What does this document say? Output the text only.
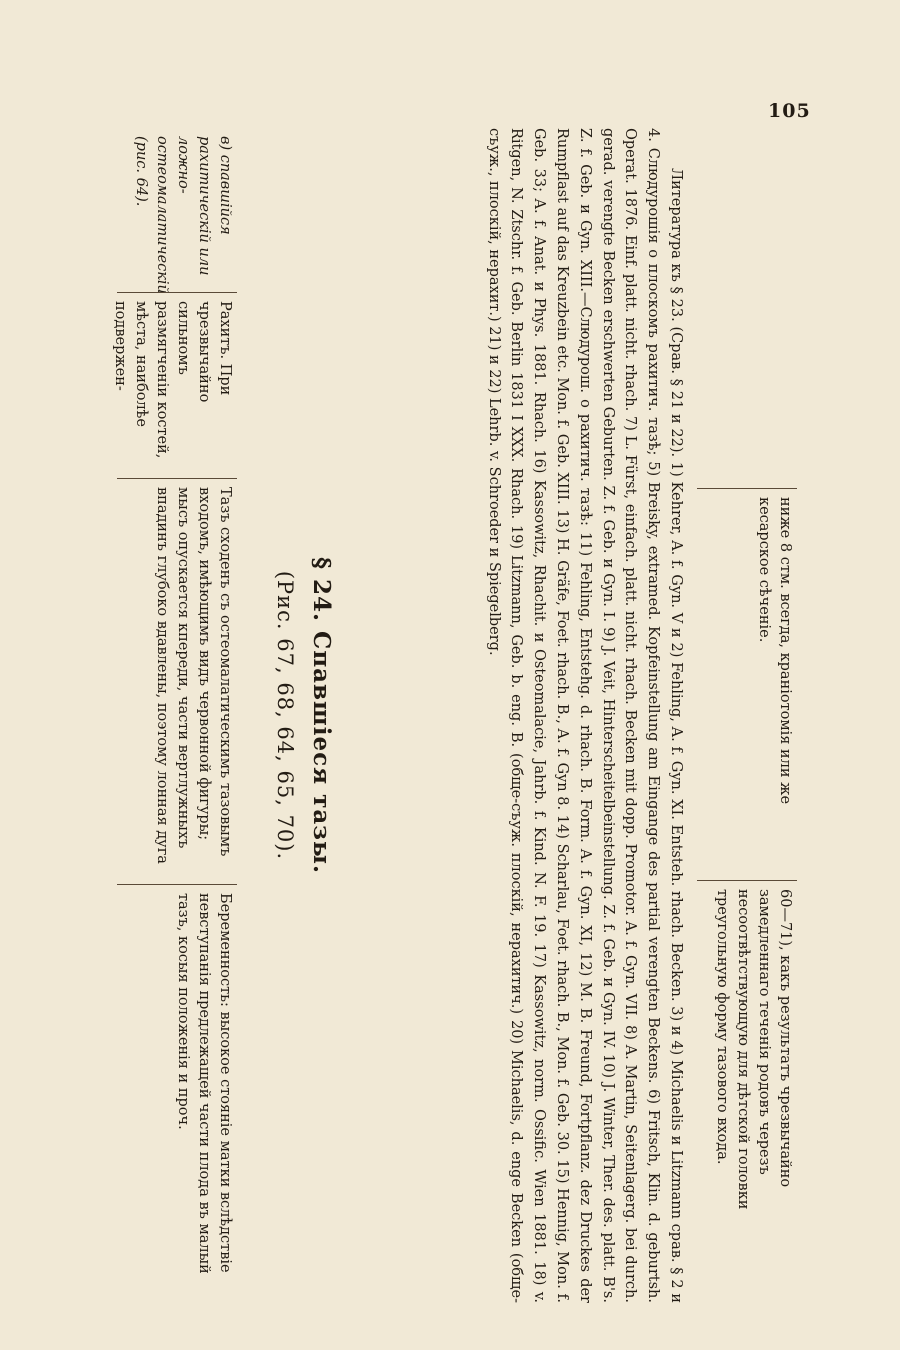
105
ниже 8 стм. всегда, краніотомія или же кесарское сѣченіе.
60—71), какъ результатъ чрезвычайно замедленнаго теченія родовъ черезъ несоотвѣтствующую для дѣтской головки треугольную форму тазового входа.
Литература къ § 23. (Срав. § 21 и 22). 1) Kehrer, A. f. Gyn. V и 2) Fehling, A. f. Gyn. XI. Entsteh. rhach. Becken. 3) и 4) Michaelis и Litzmann срав. § 2 и 4. Слюдурошія о плоскомъ рахитич. тазѣ; 5) Breisky, extramed. Kopfeinstellung am Eingange des partial verengten Beckens. 6) Fritsch, Klin. d. geburtsh. Operat. 1876. Einf. platt. nicht. rhach. 7) L. Fürst, einfach. platt. nicht. rhach. Becken mit dopp. Promotor. A. f. Gyn. VII. 8) A. Martin, Seitenlagerg. bei durch. gerad. verengte Becken erschwerten Geburten. Z. f. Geb. и Gyn. I. 9) J. Veit, Hinterscheitelbeinstellung. Z. f. Geb. и Gyn. IV. 10) J. Winter, Ther. des. platt. B's. Z. f. Geb. и Gyn. XIII.—Слюдурош. о рахитич. тазѣ: 11) Fehling, Entstehg. d. rhach. B. Form. A. f. Gyn. XI, 12) M. B. Freund, Fortpflanz. dez Druckes der Rumpflast auf das Kreuzbein etc. Mon. f. Geb. XIII. 13) H. Gräfe, Foet. rhach. B., A. f. Gyn 8. 14) Scharlau, Foet. rhach. B., Mon. f. Geb. 30. 15) Hennig, Mon. f. Geb. 33; A. f. Anat. и Phys. 1881. Rhach. 16) Kassowitz, Rhachit. и Osteomalacie, Jahrb. f. Kind. N. F. 19. 17) Kassowitz, norm. Ossific. Wien 1881. 18) v. Ritgen, N. Ztschr. f. Geb. Berlin 1831 I XXX. Rhach. 19) Litzmann, Geb. b. eng. B. (обще-съуж. плоскій, нерахитич.) 20) Michaelis, d. enge Becken (обще-съуж., плоскій, нерахит.) 21) и 22) Lehrb. v. Schroeder и Spiegelberg.
§ 24. Спавшіеся тазы.
(Рис. 67, 68, 64, 65, 70).
в) спавшійся рахитическій или ложно-остеомалатическій (рис. 64).
Рахитъ. При чрезвычайно сильномъ размягченіи костей, мѣста, наиболѣе подвержен-
Тазъ сходенъ съ остеомалатическимъ тазовымъ входомъ, имѣющимъ видъ червонной фигуры; мысъ опускается кпереди, части вертлужныхъ впадинъ глубоко вдавлены, поэтому лонная дуга
Беременность: высокое стояніе матки вслѣдствіе невступанія предлежащей части плода въ малый тазъ, косыя положенія и проч.
